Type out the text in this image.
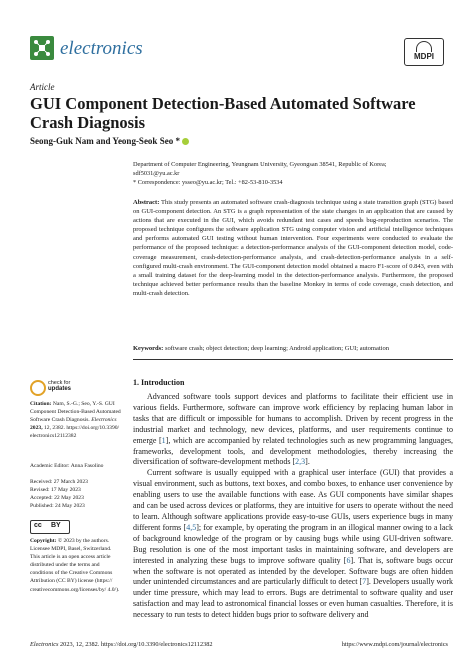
electronics	MDPI
Article
GUI Component Detection-Based Automated Software Crash Diagnosis
Seong-Guk Nam and Yeong-Seok Seo *
Department of Computer Engineering, Yeungnam University, Gyeongsan 38541, Republic of Korea;
sdf5031@yu.ac.kr
* Correspondence: ysseo@yu.ac.kr; Tel.: +82-53-810-3534
Abstract: This study presents an automated software crash-diagnosis technique using a state transition graph (STG) based on GUI-component detection. An STG is a graph representation of the state changes in an application that are caused by actions that are executed in the GUI, which avoids redundant test cases and speeds bug-reproduction scenarios. The proposed technique configures the software application STG using computer vision and artificial intelligence techniques and performs automated GUI testing without human intervention. Four experiments were conducted to evaluate the performance of the proposed technique: a detection-performance analysis of the GUI-component detection model, code-coverage measurement, crash-detection-performance analysis, and crash-detection-performance analysis in a self-configured multi-crash environment. The GUI-component detection model obtained a macro F1-score of 0.843, even with a small training dataset for the deep-learning model in the detection-performance analysis. Furthermore, the proposed technique achieved better performance results than the baseline Monkey in terms of code coverage, crash detection, and multi-crash detection.
Keywords: software crash; object detection; deep learning; Android application; GUI; automation
1. Introduction

Advanced software tools support devices and platforms to facilitate their efficient use in various fields. Furthermore, software can improve work efficiency by replacing human labor in tasks that are difficult or impossible for humans to accomplish. Driven by recent progress in the industrial market and technology, new devices, platforms, and user requirements continue to emerge [1], which are accompanied by related technologies such as new programming languages, frameworks, development tools, and development methodologies, thereby increasing the diversification of software-development methods [2,3].

Current software is usually equipped with a graphical user interface (GUI) that provides a visual environment, such as buttons, text boxes, and combo boxes, to enhance user convenience by enabling users to use the available functions with ease. As GUI components have similar shapes and can be used across devices or platforms, they are intuitive for users to operate without the need to learn. Although software applications provide easy-to-use GUIs, users experience bugs in many different forms [4,5]; for example, by operating the program in an illogical manner owing to a lack of background knowledge of the program or by causing bugs while using GUI-driven software. Bug resolution is one of the most important tasks in maintaining software, and developers are interested in analyzing these bugs to improve software quality [6]. That is, software bugs occur when the software is not operated as intended by the developer. Software bugs are often hidden under unintended circumstances and are particularly difficult to detect [7]. Developers usually work under time pressure, which may lead to errors. Bugs are detrimental to software quality and user satisfaction and may lead to astronomical financial losses or even human casualties. Therefore, it is necessary to run tests to detect hidden bugs prior to software delivery and

check for
updates
Citation: Nam, S.-G.; Seo, Y.-S. GUI Component Detection-Based Automated Software Crash Diagnosis. Electronics 2023, 12, 2382. https://doi.org/10.3390/ electronics12112382
Academic Editor: Anna Fasolino
Received: 27 March 2023
Revised: 17 May 2023
Accepted: 22 May 2023
Published: 24 May 2023
cc BY
Copyright: © 2023 by the authors. Licensee MDPI, Basel, Switzerland. This article is an open access article distributed under the terms and conditions of the Creative Commons Attribution (CC BY) license (https:// creativecommons.org/licenses/by/ 4.0/).
Electronics 2023, 12, 2382. https://doi.org/10.3390/electronics12112382	https://www.mdpi.com/journal/electronics
